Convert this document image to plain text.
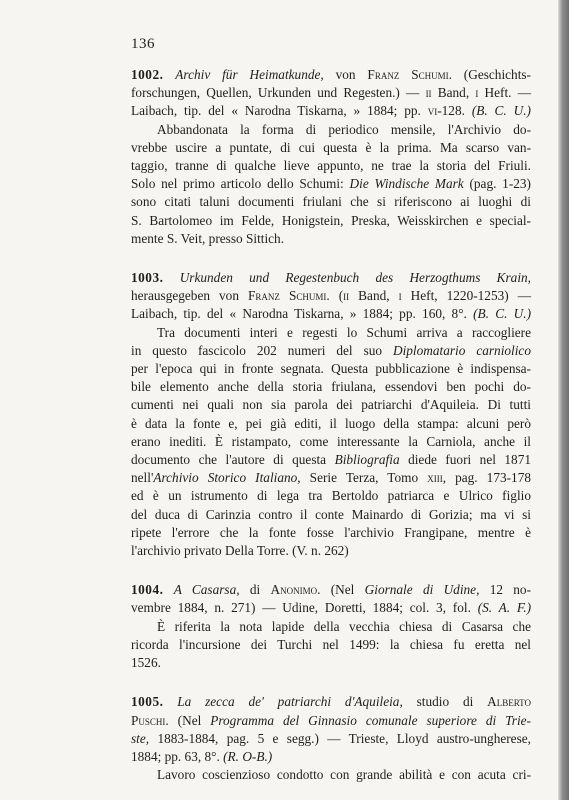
136
1002. Archiv für Heimatkunde, von Franz Schumi. (Geschichts-
forschungen, Quellen, Urkunden und Regesten.) — ii Band, i Heft. —
Laibach, tip. del « Narodna Tiskarna, » 1884; pp. vi-128. (B. C. U.)
Abbandonata la forma di periodico mensile, l'Archivio do-
vrebbe uscire a puntate, di cui questa è la prima. Ma scarso van-
taggio, tranne di qualche lieve appunto, ne trae la storia del Friuli.
Solo nel primo articolo dello Schumi: Die Windische Mark (pag. 1-23)
sono citati taluni documenti friulani che si riferiscono ai luoghi di
S. Bartolomeo im Felde, Honigstein, Preska, Weisskirchen e special-
mente S. Veit, presso Sittich.
1003. Urkunden und Regestenbuch des Herzogthums Krain,
herausgegeben von Franz Schumi. (ii Band, i Heft, 1220-1253) —
Laibach, tip. del « Narodna Tiskarna, » 1884; pp. 160, 8°. (B. C. U.)
Tra documenti interi e regesti lo Schumi arriva a raccogliere
in questo fascicolo 202 numeri del suo Diplomatario carniolico
per l'epoca qui in fronte segnata. Questa pubblicazione è indispensa-
bile elemento anche della storia friulana, essendovi ben pochi do-
cumenti nei quali non sia parola dei patriarchi d'Aquileia. Di tutti
è data la fonte e, pei già editi, il luogo della stampa: alcuni però
erano inediti. È ristampato, come interessante la Carniola, anche il
documento che l'autore di questa Bibliografia diede fuori nel 1871
nell'Archivio Storico Italiano, Serie Terza, Tomo xiii, pag. 173-178
ed è un istrumento di lega tra Bertoldo patriarca e Ulrico figlio
del duca di Carinzia contro il conte Mainardo di Gorizia; ma vi si
ripete l'errore che la fonte fosse l'archivio Frangipane, mentre è
l'archivio privato Della Torre. (V. n. 262)
1004. A Casarsa, di Anonimo. (Nel Giornale di Udine, 12 no-
vembre 1884, n. 271) — Udine, Doretti, 1884; col. 3, fol. (S. A. F.)
È riferita la nota lapide della vecchia chiesa di Casarsa che
ricorda l'incursione dei Turchi nel 1499: la chiesa fu eretta nel
1526.
1005. La zecca de' patriarchi d'Aquileia, studio di Alberto
Puschi. (Nel Programma del Ginnasio comunale superiore di Trie-
ste, 1883-1884, pag. 5 e segg.) — Trieste, Lloyd austro-ungherese,
1884; pp. 63, 8°. (R. O-B.)
Lavoro coscienzioso condotto con grande abilità e con acuta cri-
